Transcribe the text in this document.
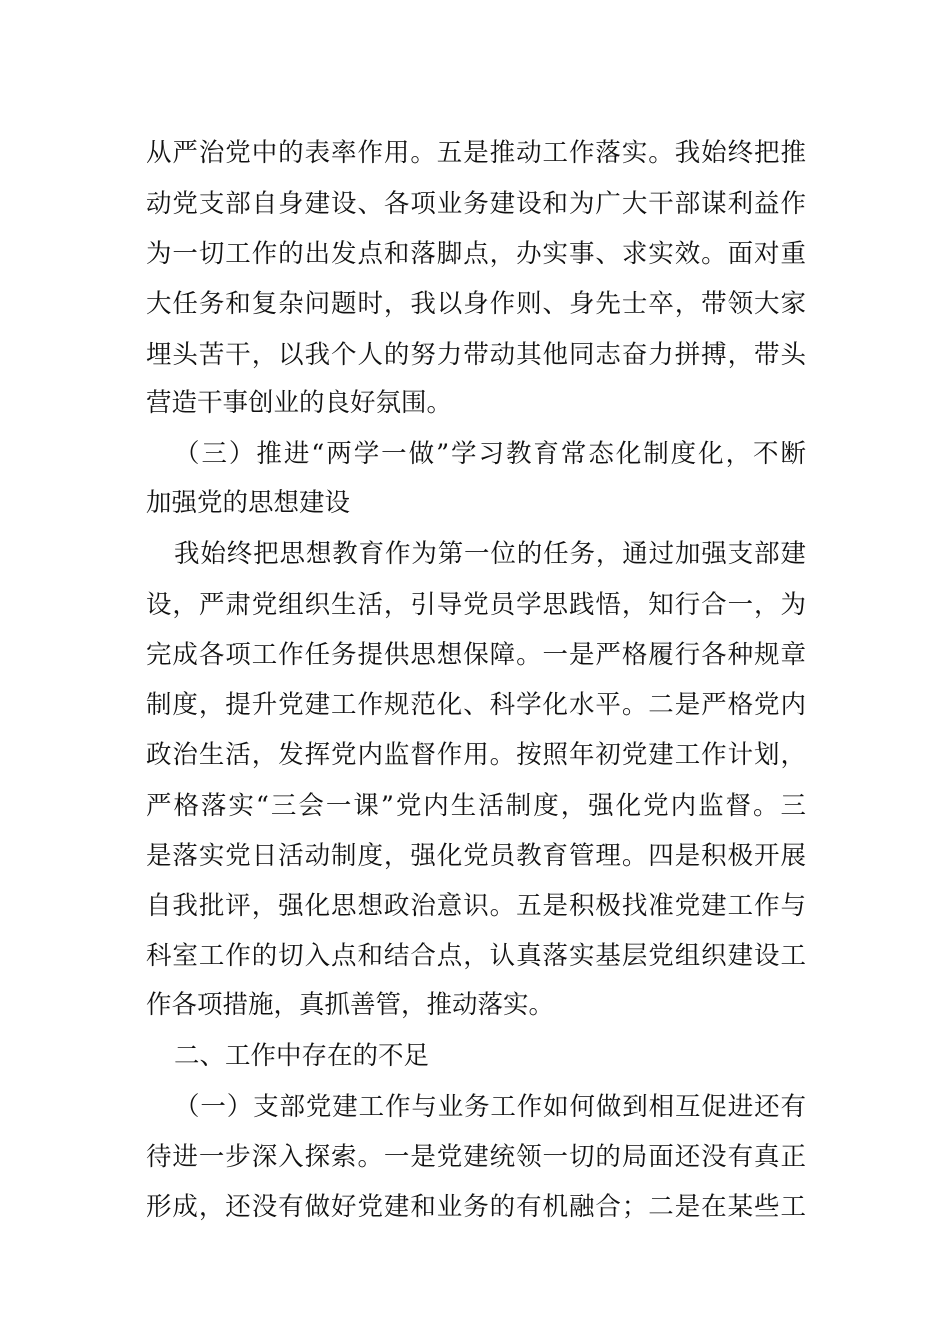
从严治党中的表率作用。五是推动工作落实。我始终把推
动党支部自身建设、各项业务建设和为广大干部谋利益作
为一切工作的出发点和落脚点，办实事、求实效。面对重
大任务和复杂问题时，我以身作则、身先士卒，带领大家
埋头苦干，以我个人的努力带动其他同志奋力拼搏，带头
营造干事创业的良好氛围。
（三）推进“两学一做”学习教育常态化制度化，不断
加强党的思想建设
我始终把思想教育作为第一位的任务，通过加强支部建
设，严肃党组织生活，引导党员学思践悟，知行合一，为
完成各项工作任务提供思想保障。一是严格履行各种规章
制度，提升党建工作规范化、科学化水平。二是严格党内
政治生活，发挥党内监督作用。按照年初党建工作计划，
严格落实“三会一课”党内生活制度，强化党内监督。三
是落实党日活动制度，强化党员教育管理。四是积极开展
自我批评，强化思想政治意识。五是积极找准党建工作与
科室工作的切入点和结合点，认真落实基层党组织建设工
作各项措施，真抓善管，推动落实。
二、工作中存在的不足
（一）支部党建工作与业务工作如何做到相互促进还有
待进一步深入探索。一是党建统领一切的局面还没有真正
形成，还没有做好党建和业务的有机融合；二是在某些工
